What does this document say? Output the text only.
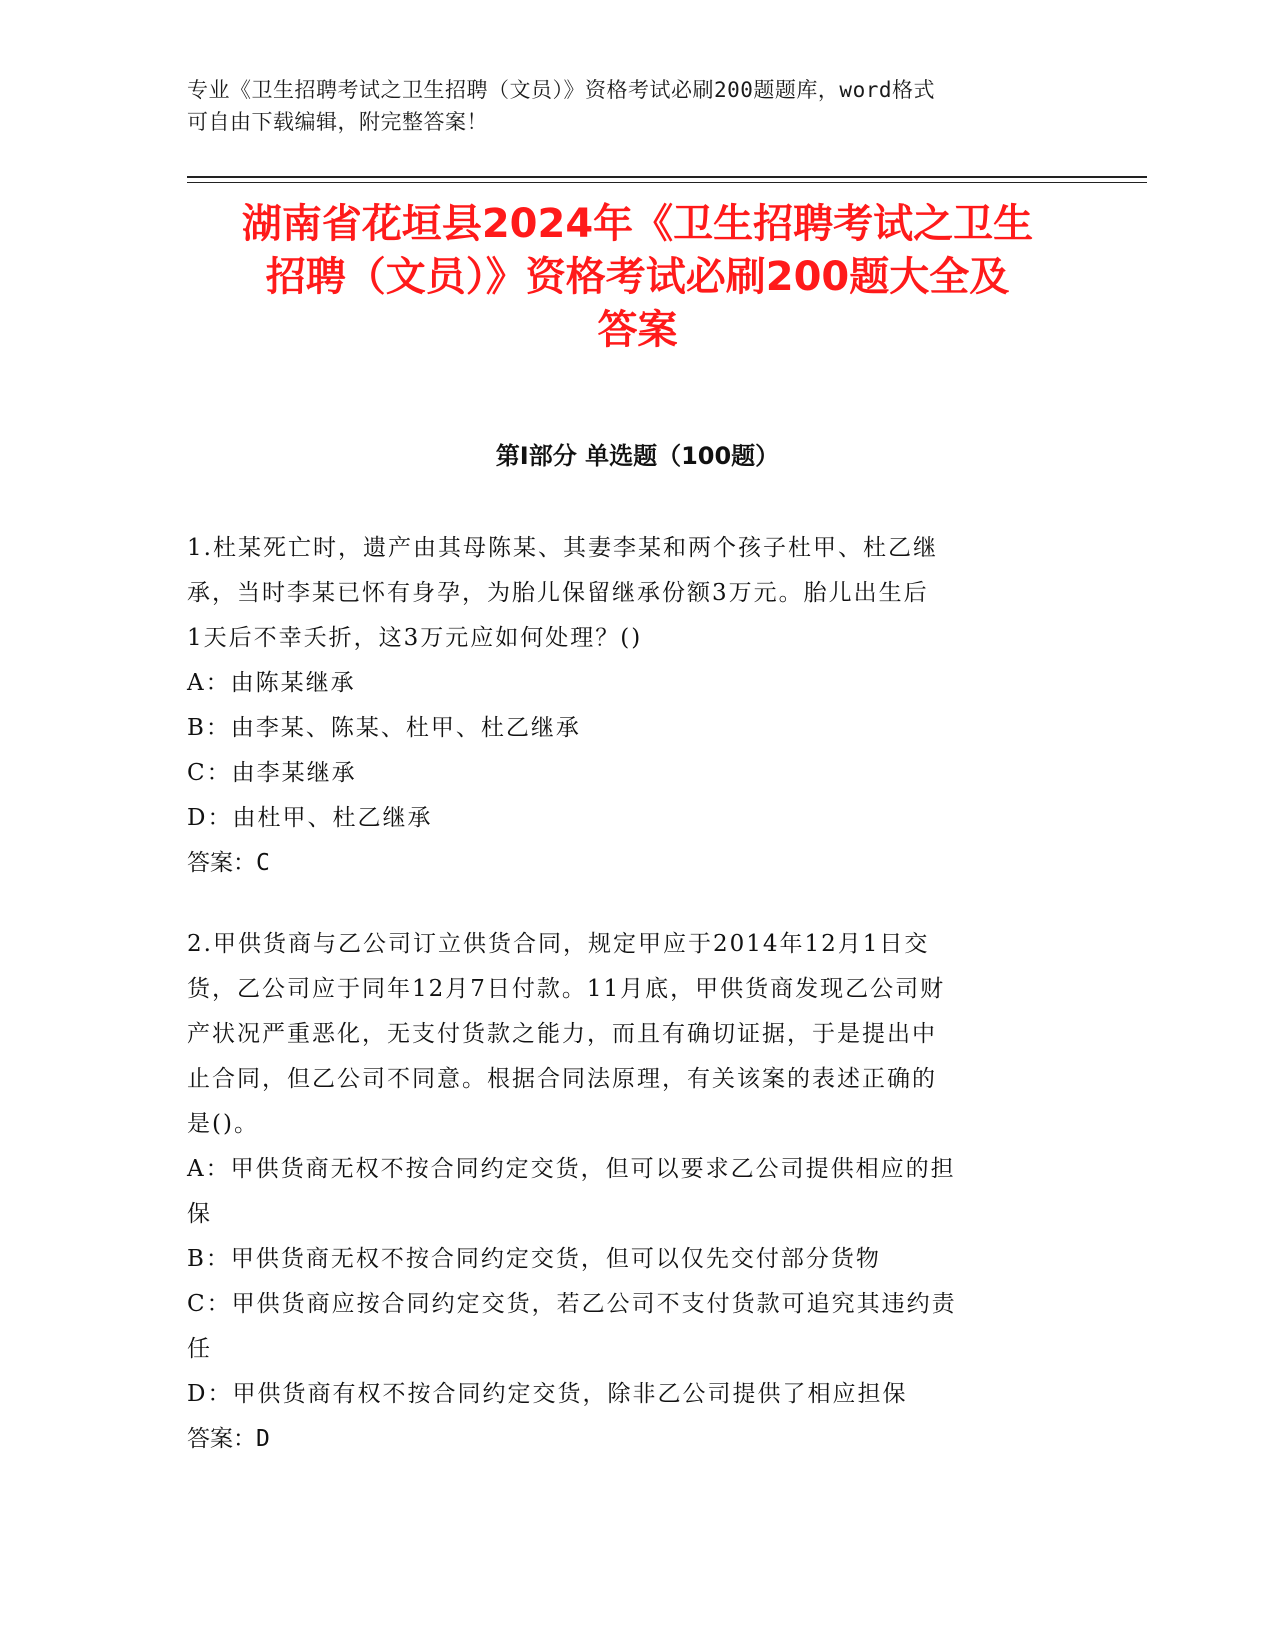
专业《卫生招聘考试之卫生招聘（文员）》资格考试必刷200题题库，word格式
可自由下载编辑，附完整答案！
湖南省花垣县2024年《卫生招聘考试之卫生
招聘（文员）》资格考试必刷200题大全及
答案
第Ⅰ部分 单选题（100题）
1.杜某死亡时，遗产由其母陈某、其妻李某和两个孩子杜甲、杜乙继
承，当时李某已怀有身孕，为胎儿保留继承份额3万元。胎儿出生后
1天后不幸夭折，这3万元应如何处理？()
A：由陈某继承
B：由李某、陈某、杜甲、杜乙继承
C：由李某继承
D：由杜甲、杜乙继承
答案：C
2.甲供货商与乙公司订立供货合同，规定甲应于2014年12月1日交
货，乙公司应于同年12月7日付款。11月底，甲供货商发现乙公司财
产状况严重恶化，无支付货款之能力，而且有确切证据，于是提出中
止合同，但乙公司不同意。根据合同法原理，有关该案的表述正确的
是()。
A：甲供货商无权不按合同约定交货，但可以要求乙公司提供相应的担
保
B：甲供货商无权不按合同约定交货，但可以仅先交付部分货物
C：甲供货商应按合同约定交货，若乙公司不支付货款可追究其违约责
任
D：甲供货商有权不按合同约定交货，除非乙公司提供了相应担保
答案：D
